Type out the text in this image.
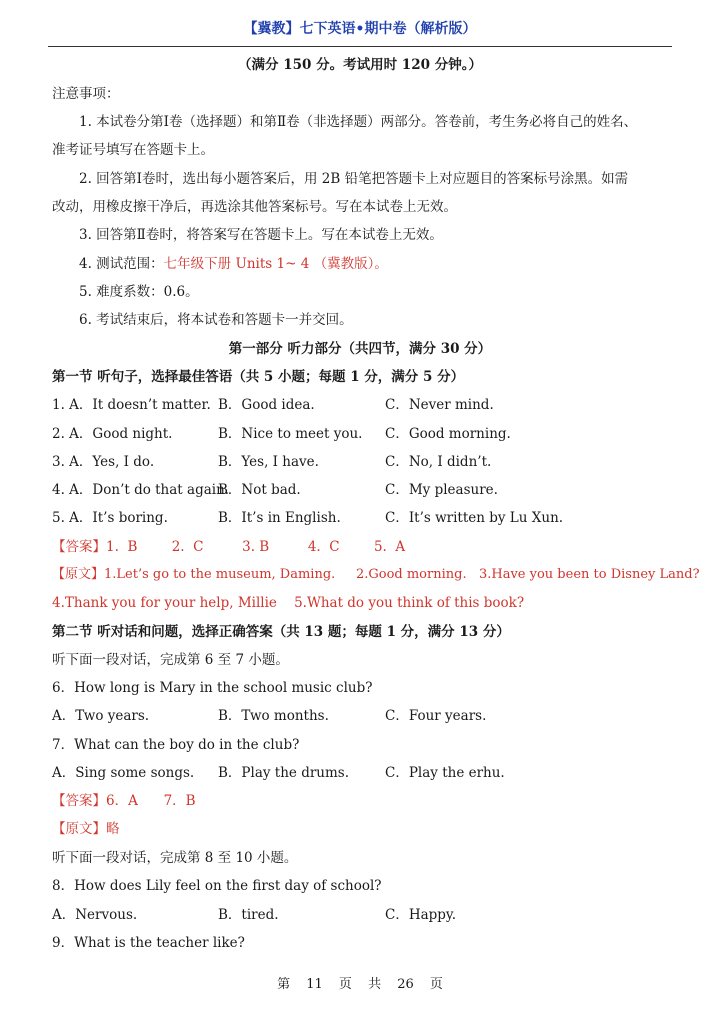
【冀教】七下英语•期中卷（解析版）
（满分 150 分。考试用时 120 分钟。）
注意事项：
1. 本试卷分第Ⅰ卷（选择题）和第Ⅱ卷（非选择题）两部分。答卷前，考生务必将自己的姓名、
准考证号填写在答题卡上。
2. 回答第Ⅰ卷时，选出每小题答案后，用 2B 铅笔把答题卡上对应题目的答案标号涂黑。如需
改动，用橡皮擦干净后，再选涂其他答案标号。写在本试卷上无效。
3. 回答第Ⅱ卷时，将答案写在答题卡上。写在本试卷上无效。
4. 测试范围：七年级下册 Units 1~ 4 （冀教版）。
5. 难度系数：0.6。
6. 考试结束后，将本试卷和答题卡一并交回。
第一部分 听力部分（共四节，满分 30 分）
第一节 听句子，选择最佳答语（共 5 小题；每题 1 分，满分 5 分）
1. A．It doesn’t matter. B．Good idea.	C．Never mind.
2. A．Good night.	B．Nice to meet you. C．Good morning.
3. A．Yes, I do.	B．Yes, I have.	C．No, I didn’t.
4. A．Don’t do that again.
B．Not bad.	C．My pleasure.
5. A．It’s boring.	B．It’s in English.	C．It’s written by Lu Xun.
【答案】1.  B        2.  C         3. B         4.  C        5.  A
【原文】1.Let’s go to the museum, Daming.     2.Good morning.   3.Have you been to Disney Land?
4.Thank you for your help, Millie    5.What do you think of this book?
第二节 听对话和问题，选择正确答案（共 13 题；每题 1 分，满分 13 分）
听下面一段对话，完成第 6 至 7 小题。
6．How long is Mary in the school music club?
A．Two years.	B．Two months.	C．Four years.
7．What can the boy do in the club?
A．Sing some songs. B．Play the drums.	C．Play the erhu.
【答案】6．A      7．B
【原文】略
听下面一段对话，完成第 8 至 10 小题。
8．How does Lily feel on the first day of school?
A．Nervous.	B．tired.	C．Happy.
9．What is the teacher like?
第 11 页 共 26 页
